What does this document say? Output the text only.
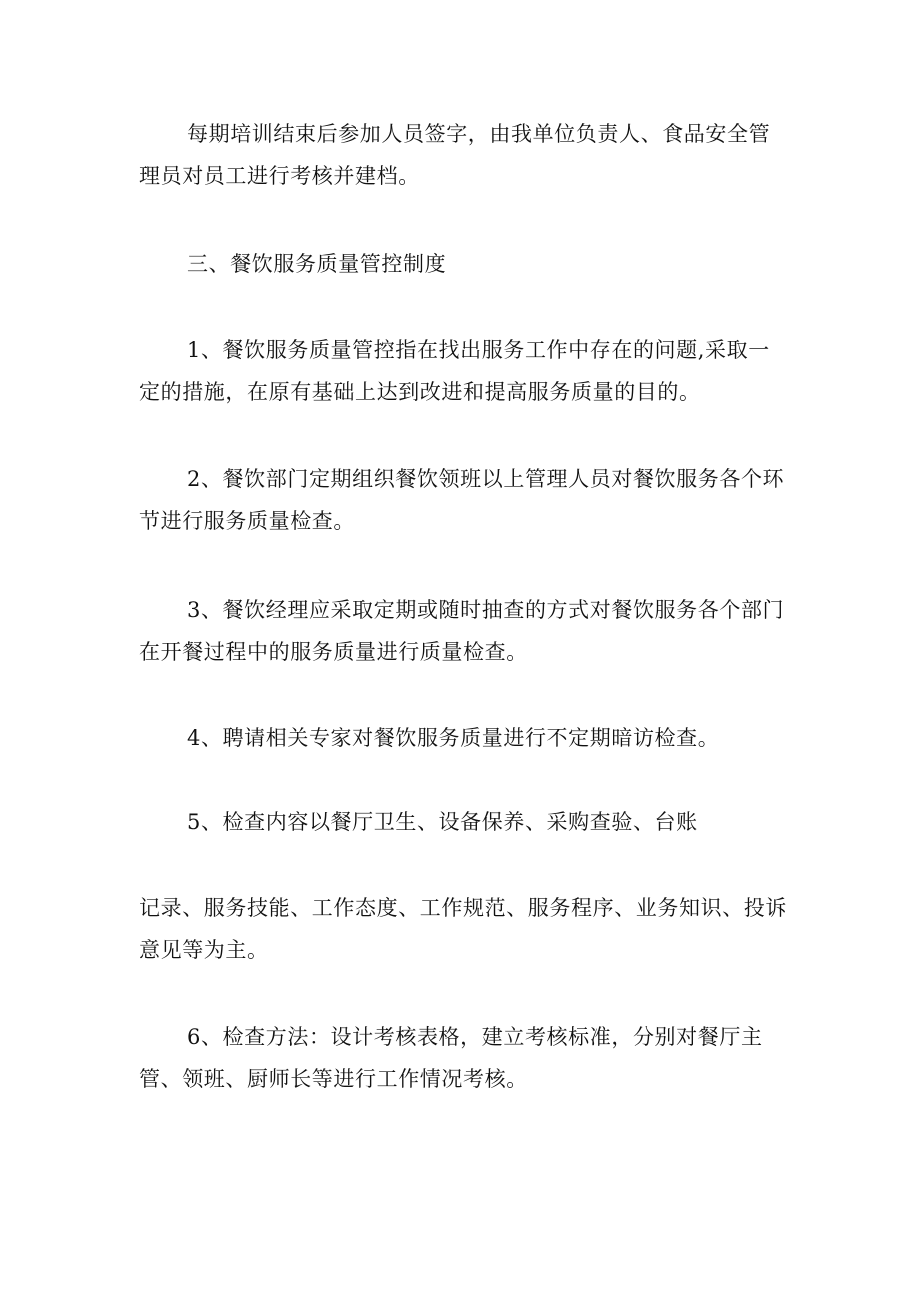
每期培训结束后参加人员签字，由我单位负责人、食品安全管理员对员工进行考核并建档。

三、餐饮服务质量管控制度

1、餐饮服务质量管控指在找出服务工作中存在的问题,采取一定的措施，在原有基础上达到改进和提高服务质量的目的。

2、餐饮部门定期组织餐饮领班以上管理人员对餐饮服务各个环节进行服务质量检查。

3、餐饮经理应采取定期或随时抽查的方式对餐饮服务各个部门在开餐过程中的服务质量进行质量检查。

4、聘请相关专家对餐饮服务质量进行不定期暗访检查。

5、检查内容以餐厅卫生、设备保养、采购查验、台账

记录、服务技能、工作态度、工作规范、服务程序、业务知识、投诉意见等为主。

6、检查方法：设计考核表格，建立考核标准，分别对餐厅主管、领班、厨师长等进行工作情况考核。
